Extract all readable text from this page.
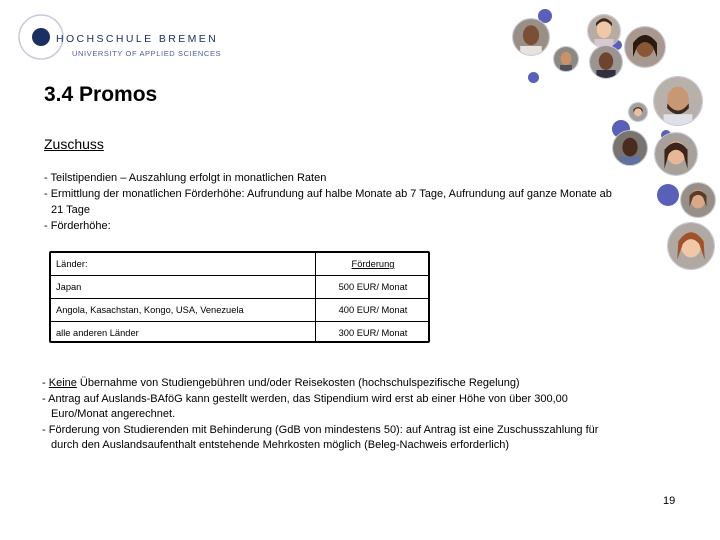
HOCHSCHULE BREMEN
UNIVERSITY OF APPLIED SCIENCES
3.4 Promos
Zuschuss
- Teilstipendien – Auszahlung erfolgt in monatlichen Raten
- Ermittlung der monatlichen Förderhöhe: Aufrundung auf halbe Monate ab 7 Tage, Aufrundung auf ganze Monate ab 21 Tage
- Förderhöhe:
Länder:	Förderung
Japan	500 EUR/ Monat
Angola, Kasachstan, Kongo, USA, Venezuela	400 EUR/ Monat
alle anderen Länder	300 EUR/ Monat
- Keine Übernahme von Studiengebühren und/oder Reisekosten (hochschulspezifische Regelung)
- Antrag auf Auslands-BAföG kann gestellt werden, das Stipendium wird erst ab einer Höhe von über 300,00 Euro/Monat angerechnet.
- Förderung von Studierenden mit Behinderung (GdB von mindestens 50): auf Antrag ist eine Zuschusszahlung für durch den Auslandsaufenthalt entstehende Mehrkosten möglich (Beleg-Nachweis erforderlich)
19
